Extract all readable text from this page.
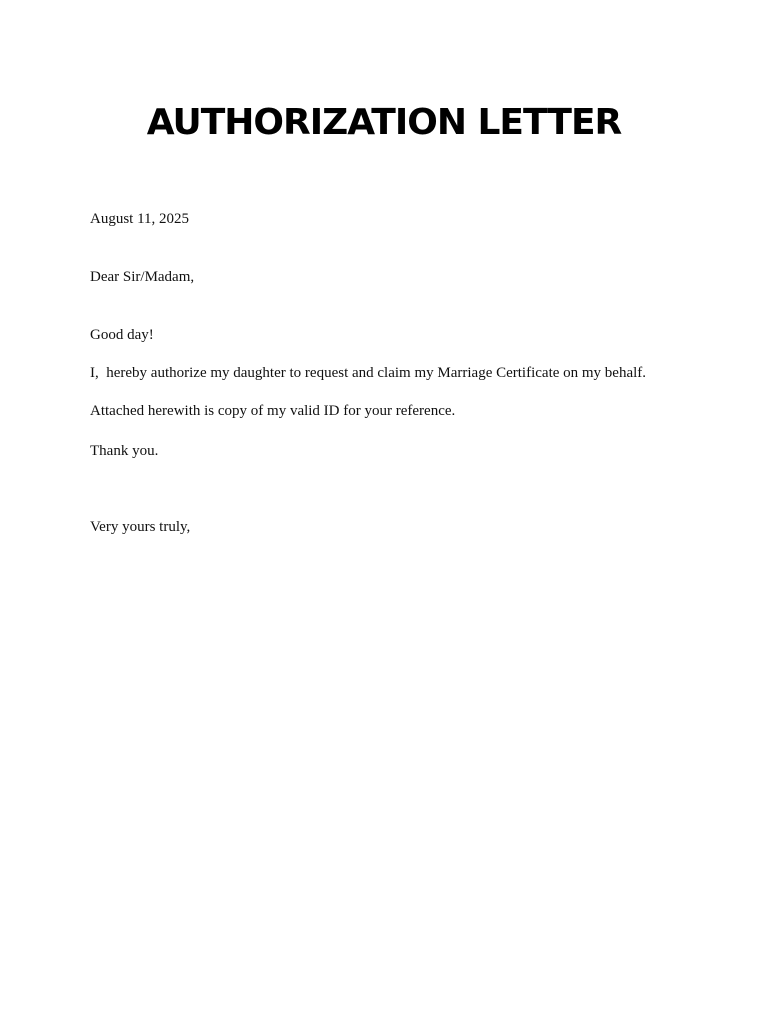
AUTHORIZATION LETTER

August 11, 2025

Dear Sir/Madam,

Good day!

I,  hereby authorize my daughter to request and claim my Marriage Certificate on my behalf.

Attached herewith is copy of my valid ID for your reference.

Thank you.

Very yours truly,
